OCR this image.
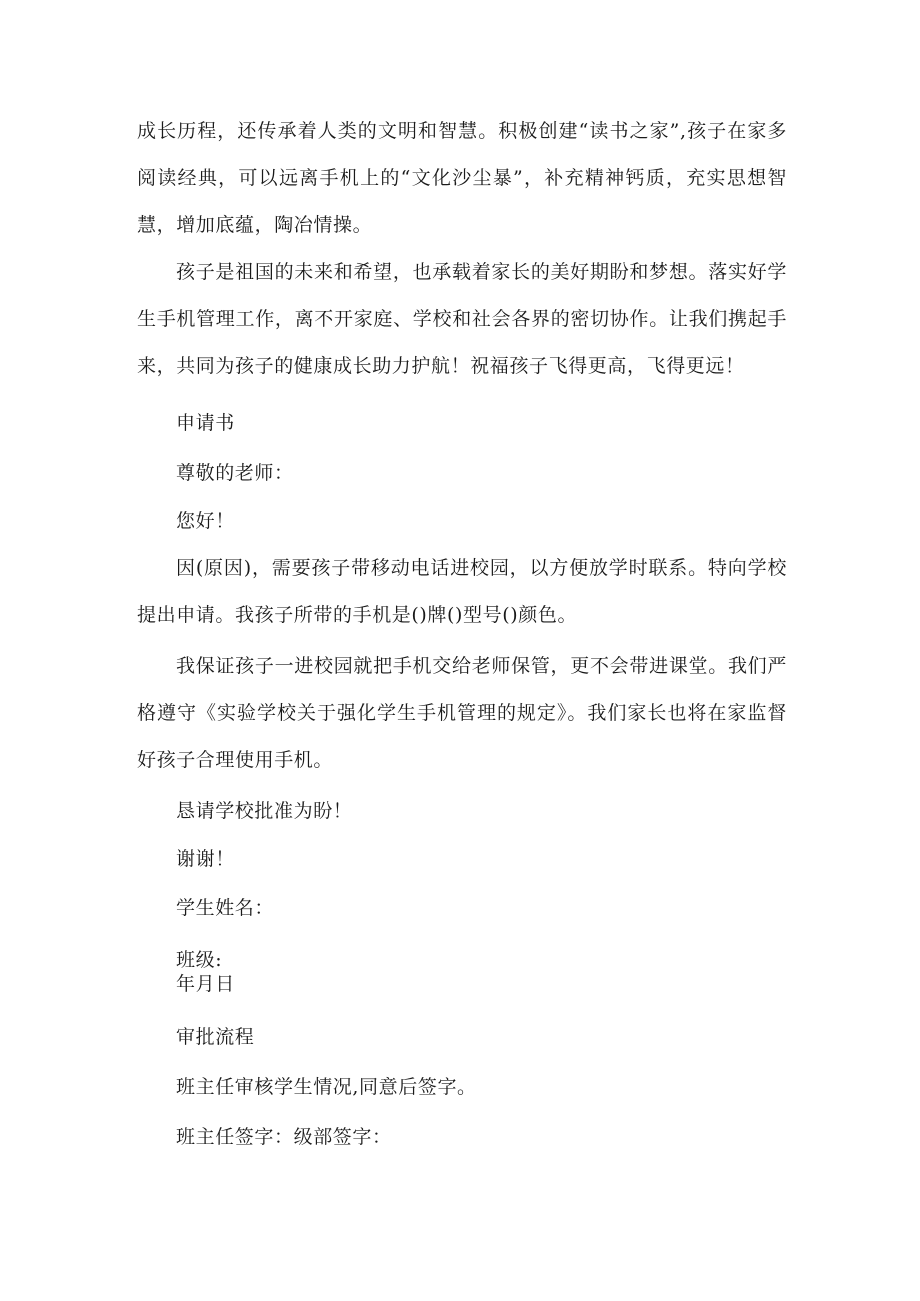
成长历程，还传承着人类的文明和智慧。积极创建“读书之家”,孩子在家多阅读经典，可以远离手机上的“文化沙尘暴”，补充精神钙质，充实思想智慧，增加底蕴，陶冶情操。

孩子是祖国的未来和希望，也承载着家长的美好期盼和梦想。落实好学生手机管理工作，离不开家庭、学校和社会各界的密切协作。让我们携起手来，共同为孩子的健康成长助力护航！祝福孩子飞得更高，飞得更远！

申请书

尊敬的老师：

您好！

因(原因)，需要孩子带移动电话进校园，以方便放学时联系。特向学校提出申请。我孩子所带的手机是()牌()型号()颜色。

我保证孩子一进校园就把手机交给老师保管，更不会带进课堂。我们严格遵守《实验学校关于强化学生手机管理的规定》。我们家长也将在家监督好孩子合理使用手机。

恳请学校批准为盼！

谢谢！

学生姓名：

班级:

年月日

审批流程

班主任审核学生情况,同意后签字。

班主任签字：级部签字：
